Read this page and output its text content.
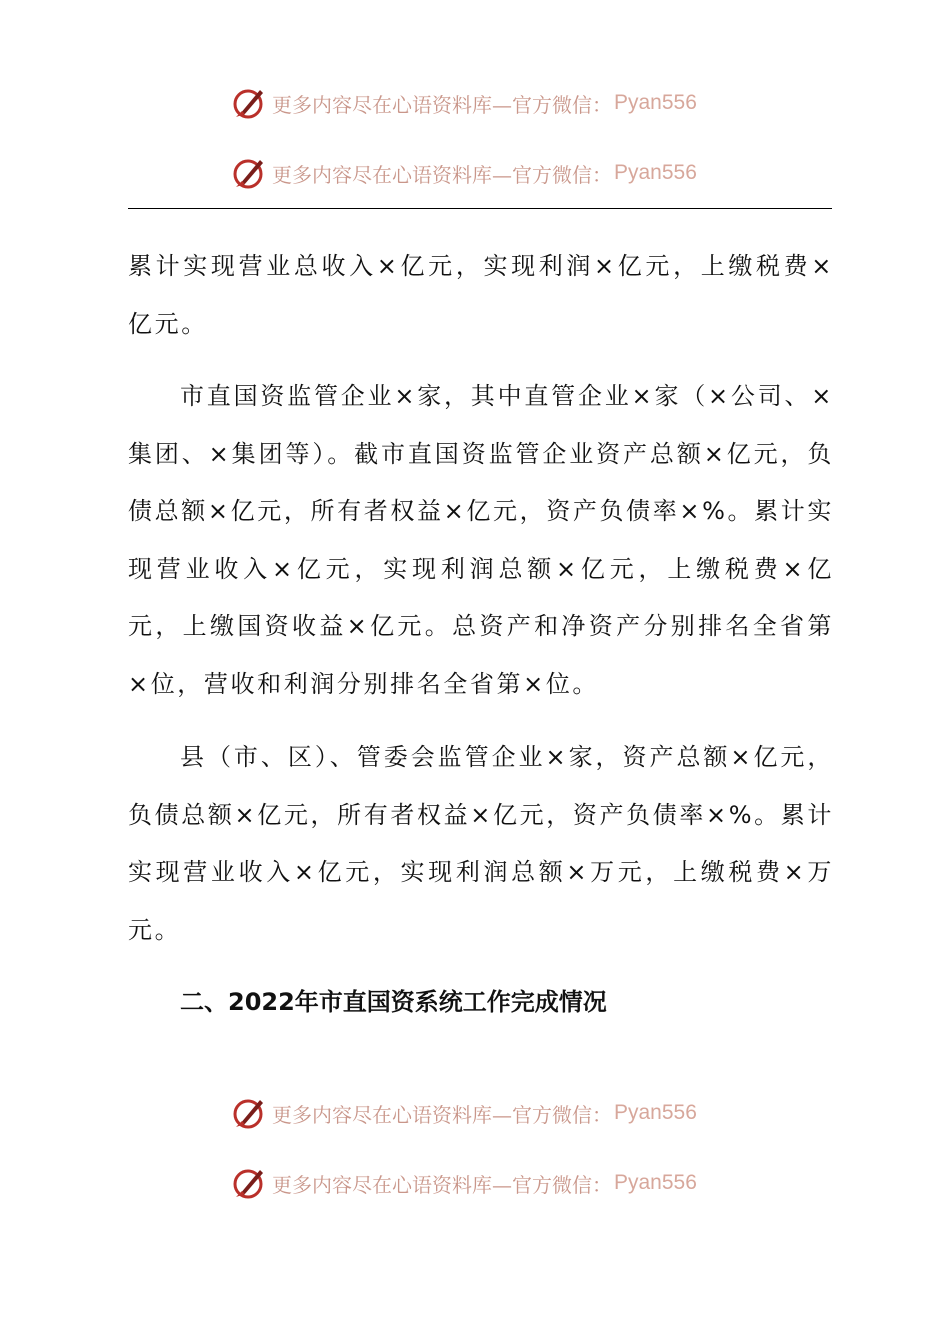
更多内容尽在心语资料库—官方微信： Pyan556
更多内容尽在心语资料库—官方微信： Pyan556

累计实现营业总收入×亿元，实现利润×亿元，上缴税费×亿元。

市直国资监管企业×家，其中直管企业×家（×公司、×集团、×集团等）。截市直国资监管企业资产总额×亿元，负债总额×亿元，所有者权益×亿元，资产负债率×%。累计实现营业收入×亿元，实现利润总额×亿元，上缴税费×亿元，上缴国资收益×亿元。总资产和净资产分别排名全省第×位，营收和利润分别排名全省第×位。

县（市、区）、管委会监管企业×家，资产总额×亿元，负债总额×亿元，所有者权益×亿元，资产负债率×%。累计实现营业收入×亿元，实现利润总额×万元，上缴税费×万元。

二、2022年市直国资系统工作完成情况
更多内容尽在心语资料库—官方微信： Pyan556
更多内容尽在心语资料库—官方微信： Pyan556
